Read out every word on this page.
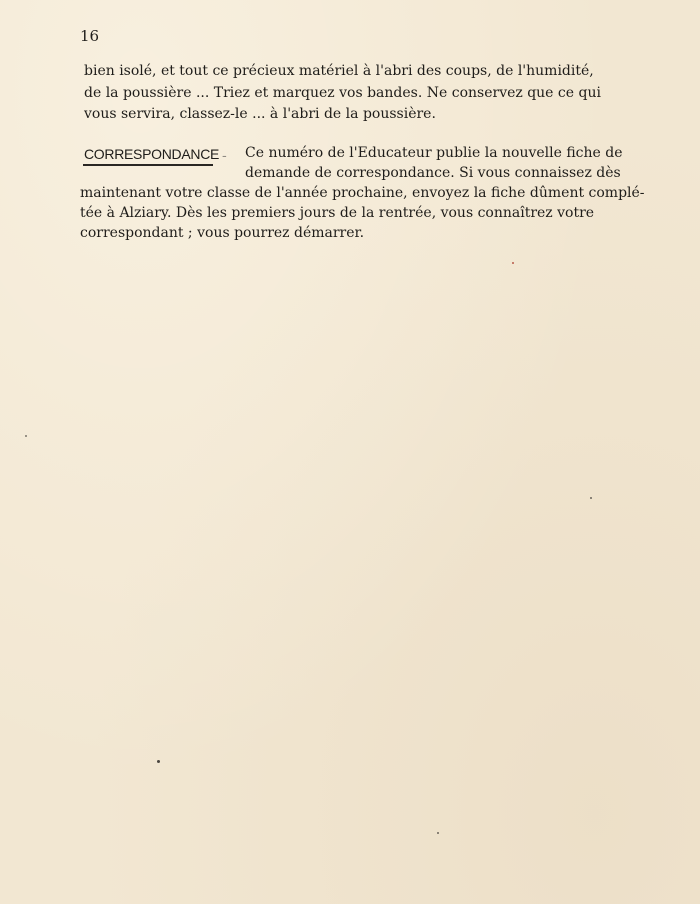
16
bien isolé, et tout ce précieux matériel à l'abri des coups, de l'humidité,
de la poussière ... Triez et marquez vos bandes. Ne conservez que ce qui
vous servira, classez-le ... à l'abri de la poussière.
CORRESPONDANCE - Ce numéro de l'Educateur publie la nouvelle fiche de
demande de correspondance. Si vous connaissez dès
maintenant votre classe de l'année prochaine, envoyez la fiche dûment complé-
tée à Alziary. Dès les premiers jours de la rentrée, vous connaîtrez votre
correspondant ; vous pourrez démarrer.
